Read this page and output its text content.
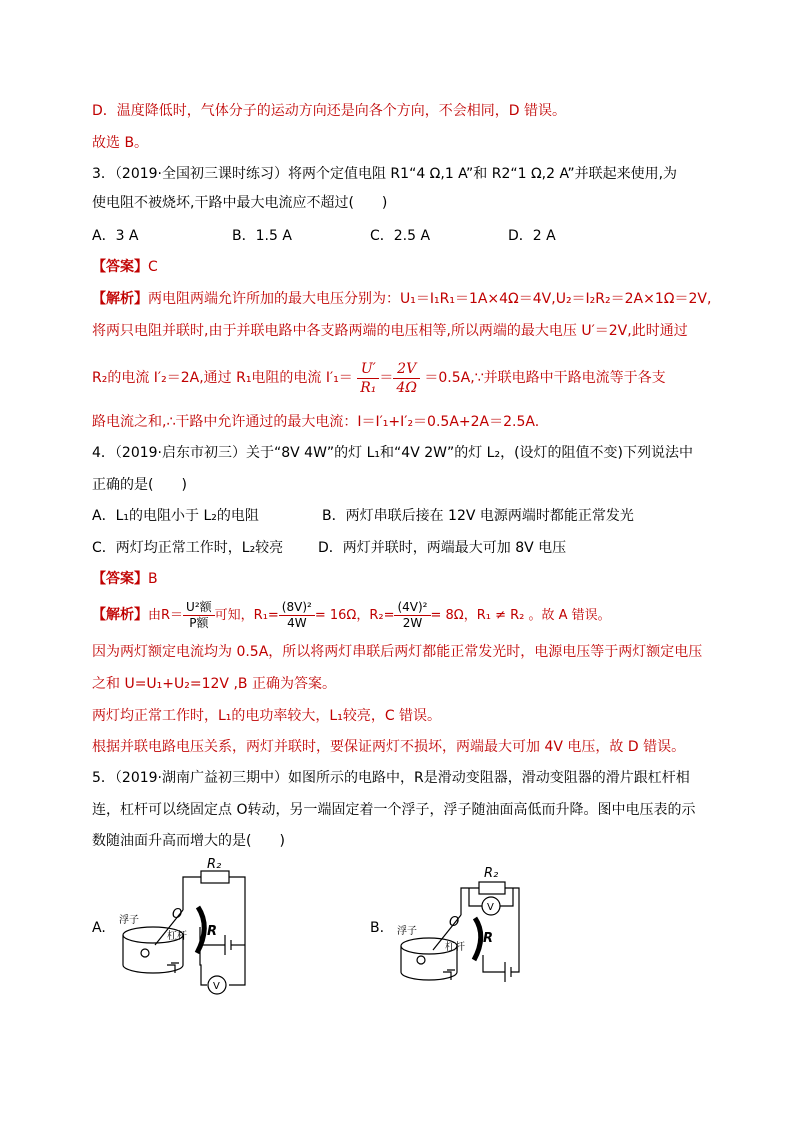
D．温度降低时，气体分子的运动方向还是向各个方向，不会相同，D 错误。
故选 B。
3．（2019·全国初三课时练习）将两个定值电阻 R1“4 Ω,1 A”和 R2“1 Ω,2 A”并联起来使用,为
使电阻不被烧坏,干路中最大电流应不超过(　　)
A．3 A	B．1.5 A	C．2.5 A	D．2 A
【答案】C
【解析】两电阻两端允许所加的最大电压分别为：U₁＝I₁R₁＝1A×4Ω＝4V,U₂＝I₂R₂＝2A×1Ω＝2V,
将两只电阻并联时,由于并联电路中各支路两端的电压相等,所以两端的最大电压 U′＝2V,此时通过
R₂的电流 I′₂＝2A,通过 R₁电阻的电流 $I'_1= \frac{U'}{\text{R₁}} = \frac{2V}{4\Omega}$ ＝0.5A,∵并联电路中干路电流等于各支
路电流之和,∴干路中允许通过的最大电流：I＝I′₁+I′₂＝0.5A+2A＝2.5A.
4．（2019·启东市初三）关于“8V 4W”的灯 L₁和“4V 2W”的灯 L₂，(设灯的阻值不变)下列说法中
正确的是(　　)
A．L₁的电阻小于 L₂的电阻	B．两灯串联后接在 12V 电源两端时都能正常发光
C．两灯均正常工作时，L₂较亮 D．两灯并联时，两端最大可加 8V 电压
【答案】B
【解析】由$R= \frac{\text{U²额}}{\text{P额}}$ 可知，$R_1= \frac{\text{(8V)²}}{4W} = 16\Omega$，$R_2= \frac{\text{(4V)²}}{2W} = 8\Omega$，R₁ ≠ R₂ 。故 A 错误。
因为两灯额定电流均为 0.5A，所以将两灯串联后两灯都能正常发光时，电源电压等于两灯额定电压
之和 U=U₁+U₂=12V ,B 正确为答案。
两灯均正常工作时，L₁的电功率较大，L₁较亮，C 错误。
根据并联电路电压关系，两灯并联时，要保证两灯不损坏，两端最大可加 4V 电压，故 D 错误。
5．（2019·湖南广益初三期中）如图所示的电路中，R是滑动变阻器，滑动变阻器的滑片跟杠杆相
连，杠杆可以绕固定点 O转动，另一端固定着一个浮子，浮子随油面高低而升降。图中电压表的示
数随油面升高而增大的是(　　)
A.
R₂
O
R
浮子
杠杆
V
B.
R₂
O
R
浮子
杠杆
V
